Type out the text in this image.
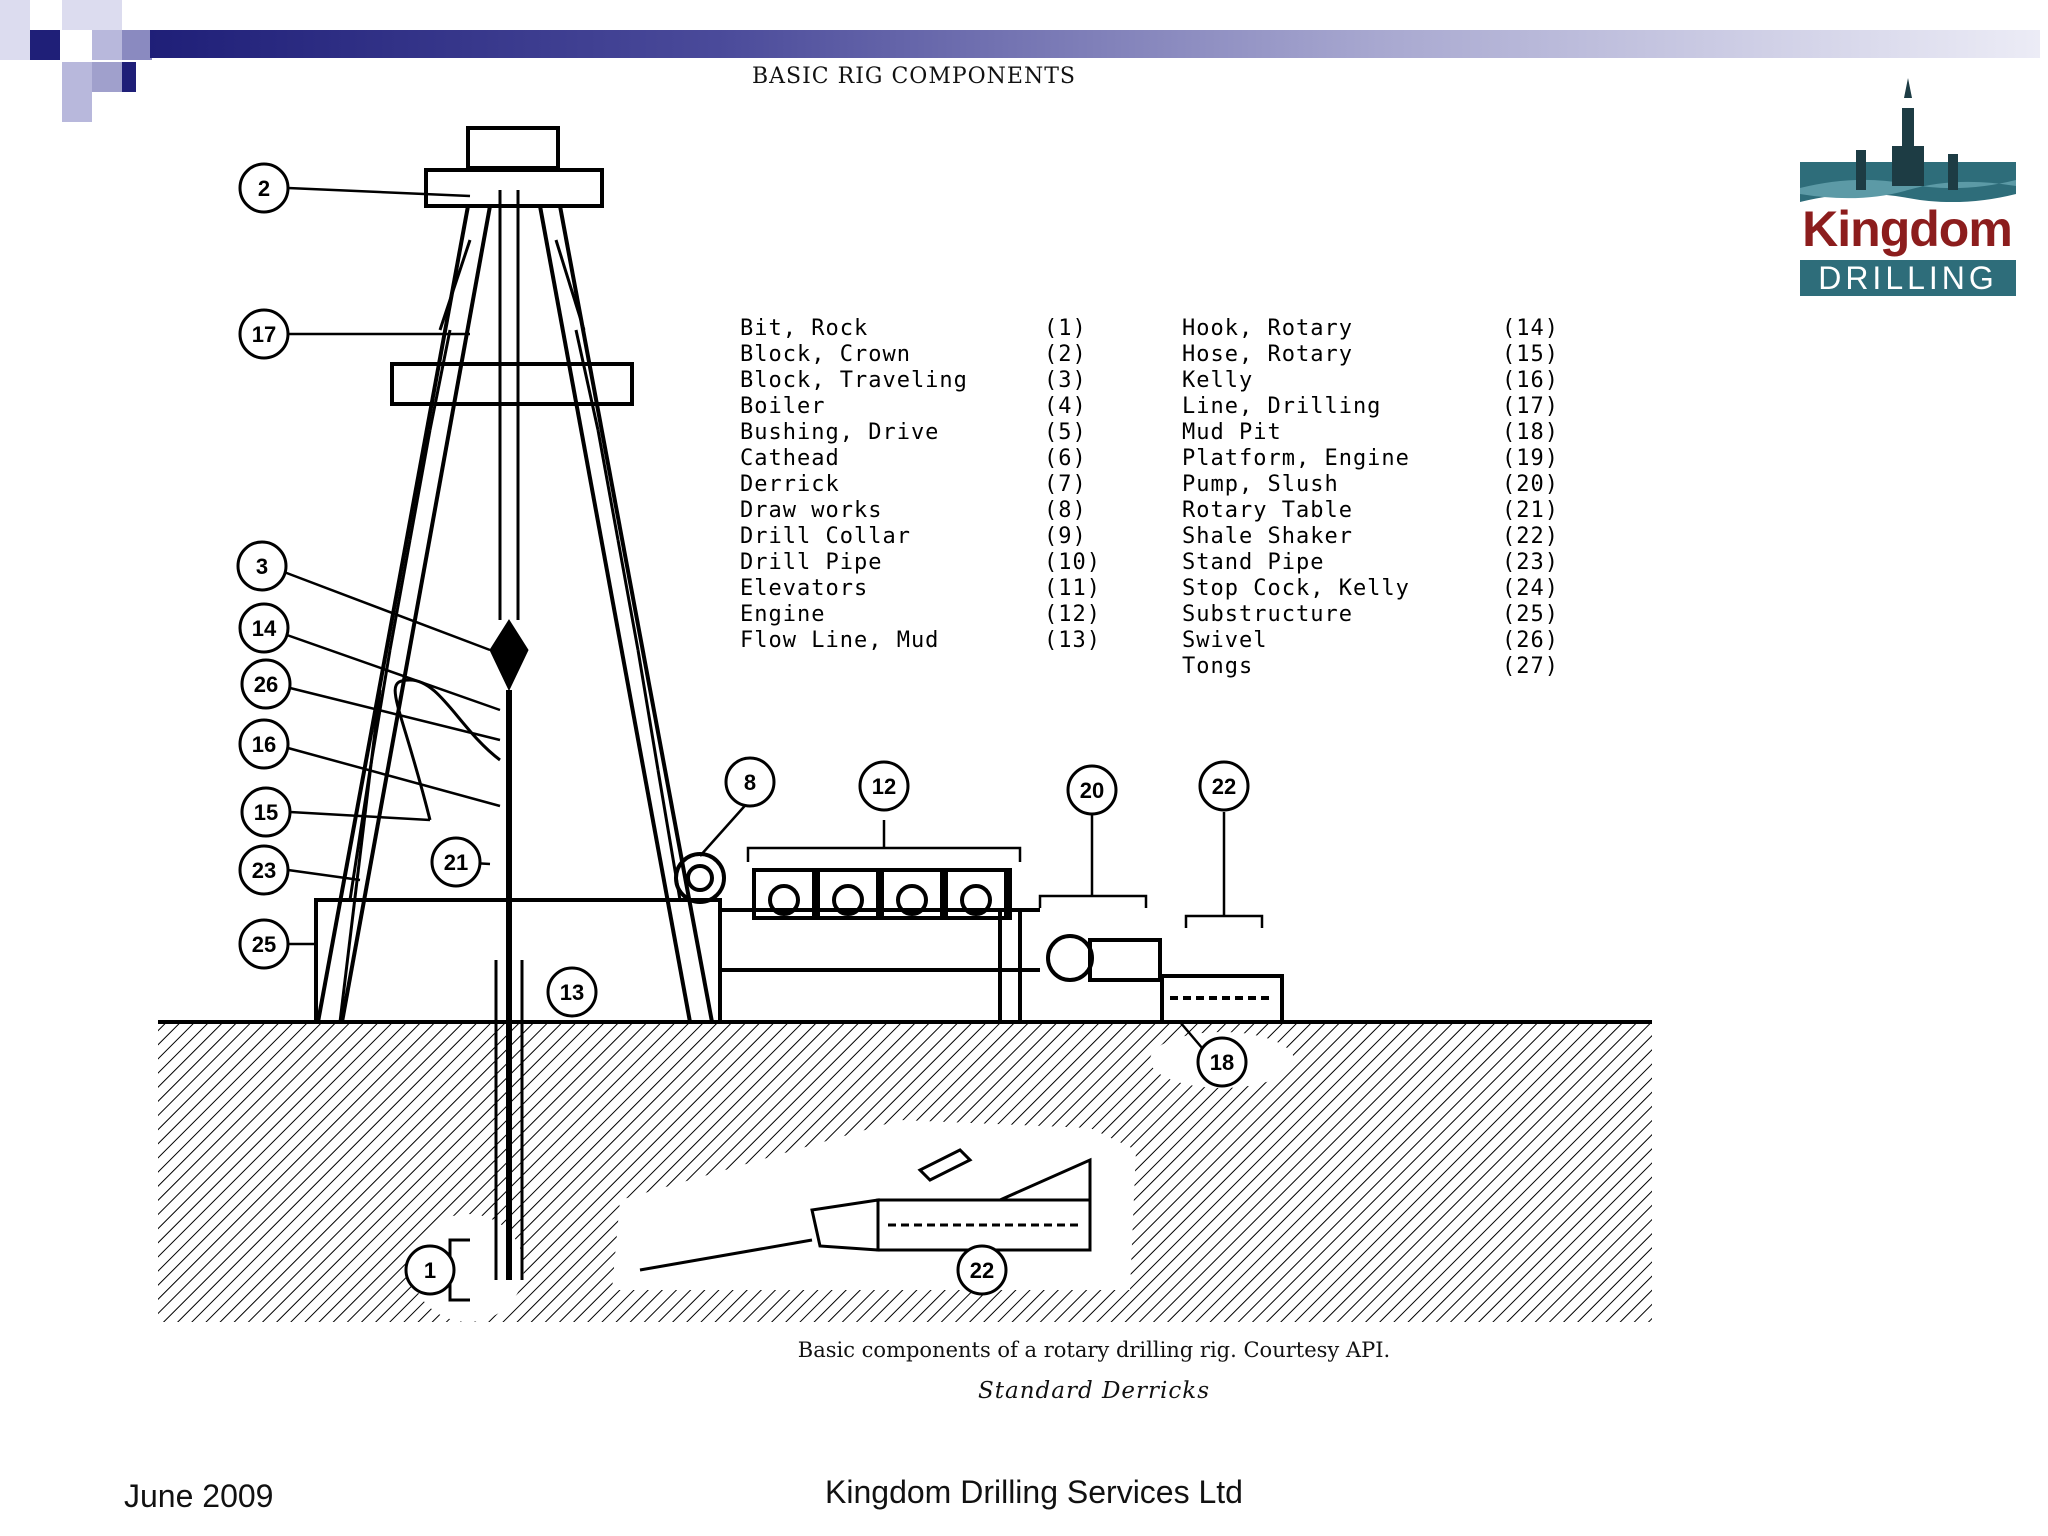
BASIC RIG COMPONENTS
Kingdom
DRILLING
2
17
3
14
26
16
15
23
25
21
13
8	12	20	22
18
1	22
Bit, Rock	(1)
Block, Crown	(2)
Block, Traveling	(3)
Boiler	(4)
Bushing, Drive	(5)
Cathead	(6)
Derrick	(7)
Draw works	(8)
Drill Collar	(9)
Drill Pipe	(10)
Elevators	(11)
Engine	(12)
Flow Line, Mud	(13)
Hook, Rotary	(14)
Hose, Rotary	(15)
Kelly	(16)
Line, Drilling	(17)
Mud Pit	(18)
Platform, Engine	(19)
Pump, Slush	(20)
Rotary Table	(21)
Shale Shaker	(22)
Stand Pipe	(23)
Stop Cock, Kelly	(24)
Substructure	(25)
Swivel	(26)
Tongs	(27)
Basic components of a rotary drilling rig. Courtesy API.
Standard Derricks
June 2009	Kingdom Drilling Services Ltd
